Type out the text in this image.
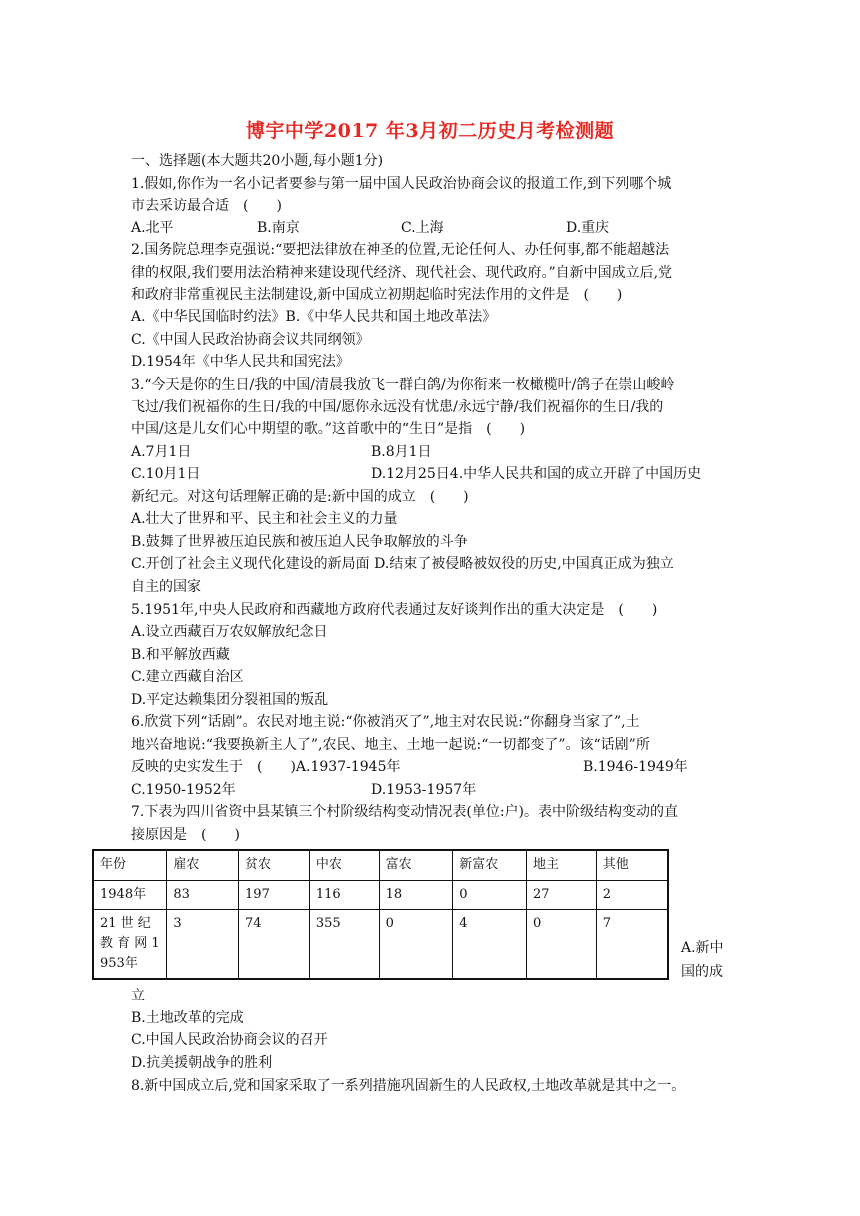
博宇中学2017 年3月初二历史月考检测题
一、选择题(本大题共20小题,每小题1分)
1.假如,你作为一名小记者要参与第一届中国人民政治协商会议的报道工作,到下列哪个城
市去采访最合适　(　　)
A.北平	B.南京	C.上海	D.重庆
2.国务院总理李克强说:“要把法律放在神圣的位置,无论任何人、办任何事,都不能超越法
律的权限,我们要用法治精神来建设现代经济、现代社会、现代政府。”自新中国成立后,党
和政府非常重视民主法制建设,新中国成立初期起临时宪法作用的文件是　(　　)
A.《中华民国临时约法》B.《中华人民共和国土地改革法》
C.《中国人民政治协商会议共同纲领》
D.1954年《中华人民共和国宪法》
3.“今天是你的生日/我的中国/清晨我放飞一群白鸽/为你衔来一枚橄榄叶/鸽子在崇山峻岭
飞过/我们祝福你的生日/我的中国/愿你永远没有忧患/永远宁静/我们祝福你的生日/我的
中国/这是儿女们心中期望的歌。”这首歌中的“生日”是指　(　　)
A.7月1日	B.8月1日
C.10月1日	D.12月25日4.中华人民共和国的成立开辟了中国历史
新纪元。对这句话理解正确的是:新中国的成立　(　　)
A.壮大了世界和平、民主和社会主义的力量
B.鼓舞了世界被压迫民族和被压迫人民争取解放的斗争
C.开创了社会主义现代化建设的新局面 D.结束了被侵略被奴役的历史,中国真正成为独立
自主的国家
5.1951年,中央人民政府和西藏地方政府代表通过友好谈判作出的重大决定是　(　　)
A.设立西藏百万农奴解放纪念日
B.和平解放西藏
C.建立西藏自治区
D.平定达赖集团分裂祖国的叛乱
6.欣赏下列“话剧”。农民对地主说:“你被消灭了”,地主对农民说:“你翻身当家了”,土
地兴奋地说:“我要换新主人了”,农民、地主、土地一起说:“一切都变了”。该“话剧”所
反映的史实发生于　(　　)A.1937-1945年	B.1946-1949年
C.1950-1952年	D.1953-1957年
7.下表为四川省资中县某镇三个村阶级结构变动情况表(单位:户)。表中阶级结构变动的直
接原因是　(　　)
年份	雇农	贫农	中农	富农	新富农	地主	其他
1948年	83	197	116	18	0	27	2
21 世 纪 教 育 网 1953年	3	74	355	0	4	0	7
A.新中
国的成
立
B.土地改革的完成
C.中国人民政治协商会议的召开
D.抗美援朝战争的胜利
8.新中国成立后,党和国家采取了一系列措施巩固新生的人民政权,土地改革就是其中之一。
